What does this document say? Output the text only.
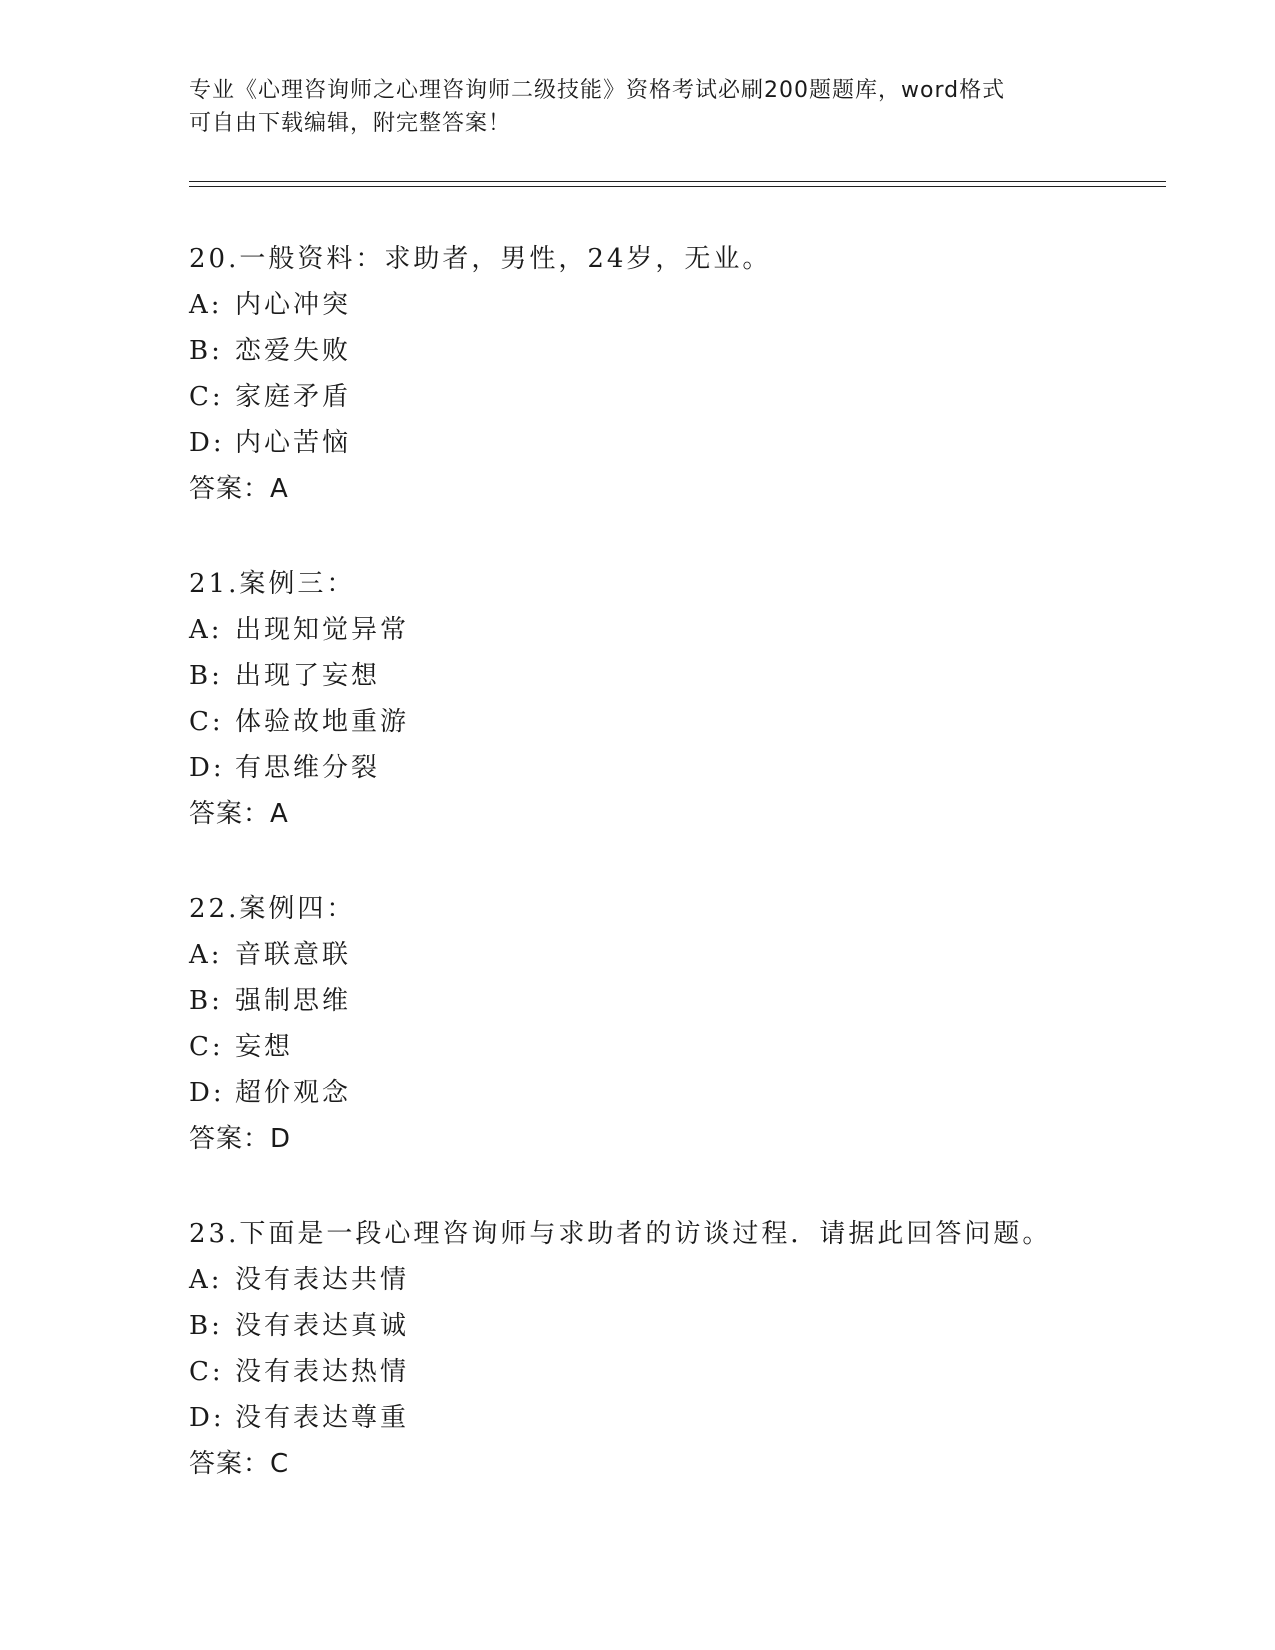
专业《心理咨询师之心理咨询师二级技能》资格考试必刷200题题库，word格式
可自由下载编辑，附完整答案！
20.一般资料：求助者，男性，24岁，无业。
A: 内心冲突
B: 恋爱失败
C: 家庭矛盾
D: 内心苦恼
答案：A
21.案例三：
A: 出现知觉异常
B: 出现了妄想
C: 体验故地重游
D: 有思维分裂
答案：A
22.案例四：
A: 音联意联
B: 强制思维
C: 妄想
D: 超价观念
答案：D
23.下面是一段心理咨询师与求助者的访谈过程．请据此回答问题。
A: 没有表达共情
B: 没有表达真诚
C: 没有表达热情
D: 没有表达尊重
答案：C
